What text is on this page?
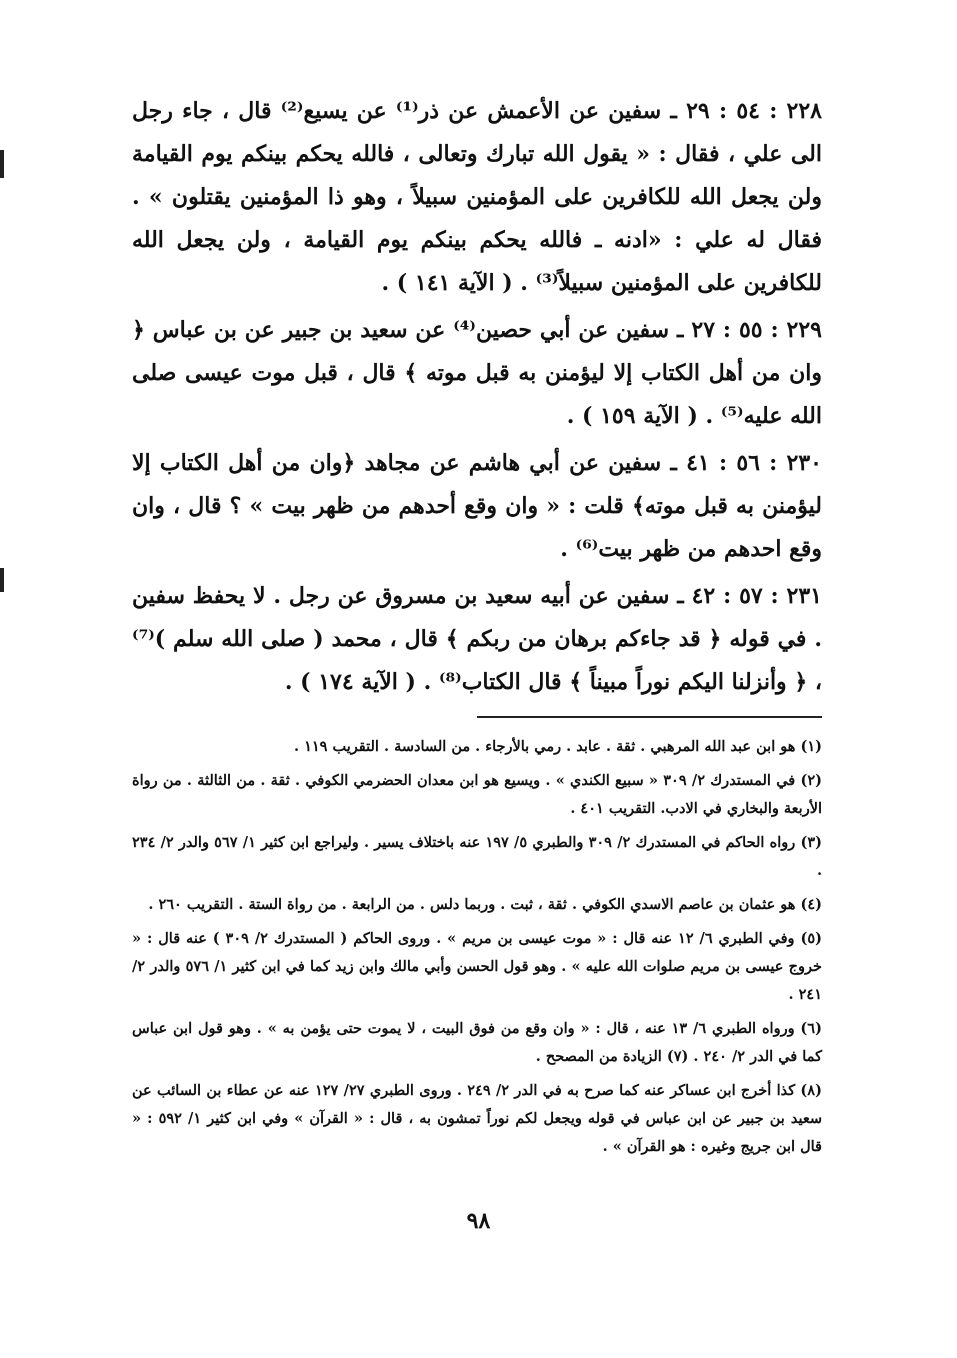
٢٢٨ : ٥٤ : ٢٩ ـ سفين عن الأعمش عن ذر⁽¹⁾ عن يسيع⁽²⁾ قال ، جاء رجل الى علي ، فقال : « يقول الله تبارك وتعالى ، فالله يحكم بينكم يوم القيامة ولن يجعل الله للكافرين على المؤمنين سبيلاً ، وهو ذا المؤمنين يقتلون » . فقال له علي : «ادنه ـ فالله يحكم بينكم يوم القيامة ، ولن يجعل الله للكافرين على المؤمنين سبيلاً⁽³⁾ . ( الآية ١٤١ ) .

٢٢٩ : ٥٥ : ٢٧ ـ سفين عن أبي حصين⁽⁴⁾ عن سعيد بن جبير عن بن عباس ﴿ وان من أهل الكتاب إلا ليؤمنن به قبل موته ﴾ قال ، قبل موت عيسى صلى الله عليه⁽⁵⁾ . ( الآية ١٥٩ ) .

٢٣٠ : ٥٦ : ٤١ ـ سفين عن أبي هاشم عن مجاهد ﴿وان من أهل الكتاب إلا ليؤمنن به قبل موته﴾ قلت : « وان وقع أحدهم من ظهر بيت » ؟ قال ، وان وقع احدهم من ظهر بيت⁽⁶⁾ .

٢٣١ : ٥٧ : ٤٢ ـ سفين عن أبيه سعيد بن مسروق عن رجل . لا يحفظ سفين . في قوله ﴿ قد جاءكم برهان من ربكم ﴾ قال ، محمد ( صلى الله سلم )⁽⁷⁾ ، ﴿ وأنزلنا اليكم نوراً مبيناً ﴾ قال الكتاب⁽⁸⁾ . ( الآية ١٧٤ ) .

(١) هو ابن عبد الله المرهبي . ثقة . عابد . رمي بالأرجاء . من السادسة . التقريب ١١٩ .

(٢) في المستدرك ٢/ ٣٠٩ « سبيع الكندي » . ويسيع هو ابن معدان الحضرمي الكوفي . ثقة . من الثالثة . من رواة الأربعة والبخاري في الادب. التقريب ٤٠١ .

(٣) رواه الحاكم في المستدرك ٢/ ٣٠٩ والطبري ٥/ ١٩٧ عنه باختلاف يسير . وليراجع ابن كثير ١/ ٥٦٧ والدر ٢/ ٢٣٤ .

(٤) هو عثمان بن عاصم الاسدي الكوفي . ثقة ، ثبت . وربما دلس . من الرابعة . من رواة الستة . التقريب ٢٦٠ .

(٥) وفي الطبري ٦/ ١٢ عنه قال : « موت عيسى بن مريم » . وروى الحاكم ( المستدرك ٢/ ٣٠٩ ) عنه قال : « خروج عيسى بن مريم صلوات الله عليه » . وهو قول الحسن وأبي مالك وابن زيد كما في ابن كثير ١/ ٥٧٦ والدر ٢/ ٢٤١ .

(٦) ورواه الطبري ٦/ ١٣ عنه ، قال : « وان وقع من فوق البيت ، لا يموت حتى يؤمن به » . وهو قول ابن عباس كما في الدر ٢/ ٢٤٠ . (٧) الزيادة من المصحح .

(٨) كذا أخرج ابن عساكر عنه كما صرح به في الدر ٢/ ٢٤٩ . وروى الطبري ٢٧/ ١٢٧ عنه عن عطاء بن السائب عن سعيد بن جبير عن ابن عباس في قوله ويجعل لكم نوراً تمشون به ، قال : « القرآن » وفي ابن كثير ١/ ٥٩٢ : « قال ابن جريج وغيره : هو القرآن » .

٩٨
